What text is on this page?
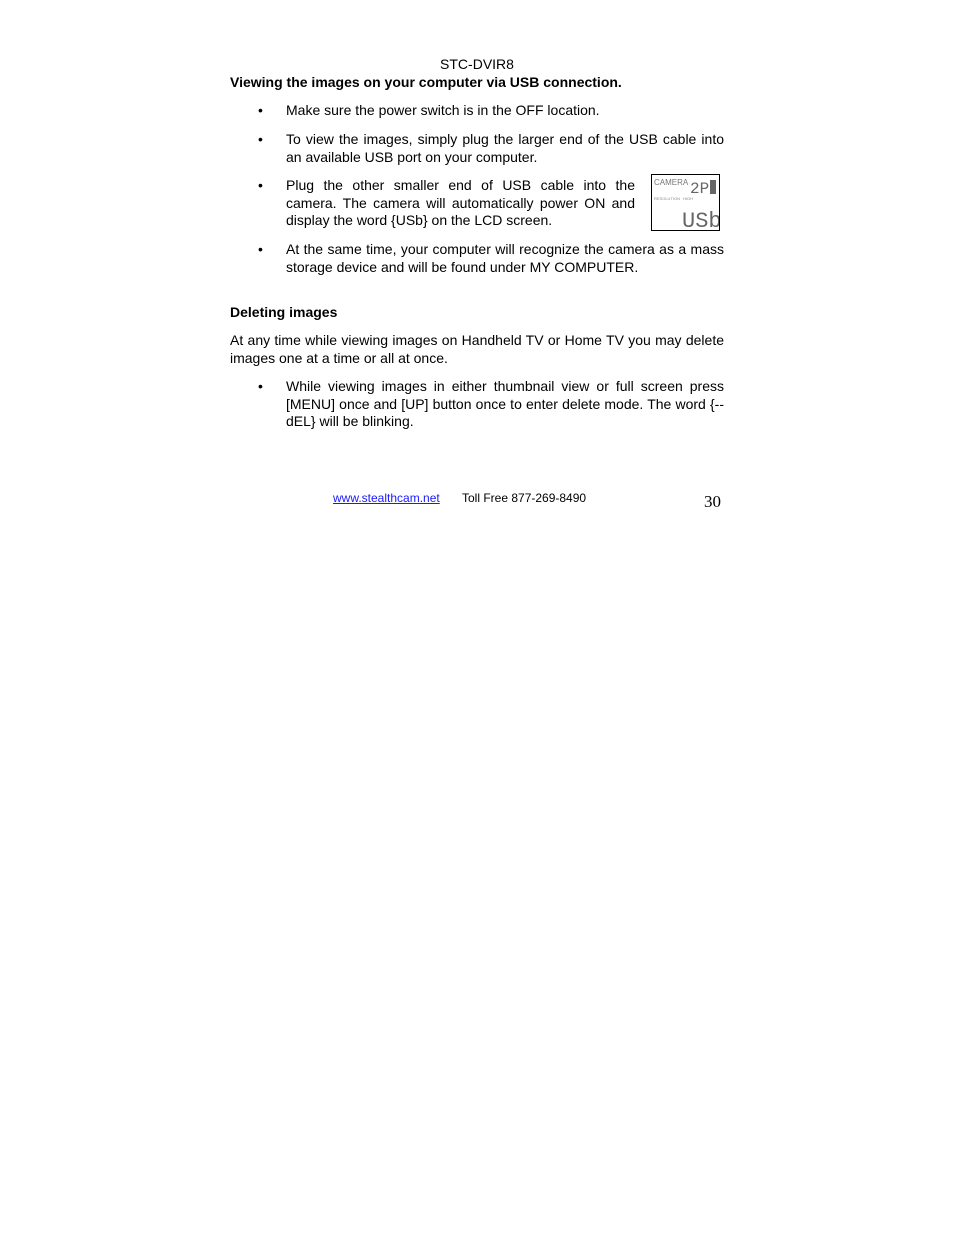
STC-DVIR8
Viewing the images on your computer via USB connection.
• Make sure the power switch is in the OFF location.
• To view the images, simply plug the larger end of the USB cable into an available USB port on your computer.
• Plug the other smaller end of USB cable into the camera. The camera will automatically power ON and display the word {USb} on the LCD screen.
CAMERA 2P
RESOLUTION HIGH
USb
• At the same time, your computer will recognize the camera as a mass storage device and will be found under MY COMPUTER.
Deleting images
At any time while viewing images on Handheld TV or Home TV you may delete images one at a time or all at once.
• While viewing images in either thumbnail view or full screen press [MENU] once and [UP] button once to enter delete mode. The word {--dEL} will be blinking.
www.stealthcam.net Toll Free 877-269-8490	30
